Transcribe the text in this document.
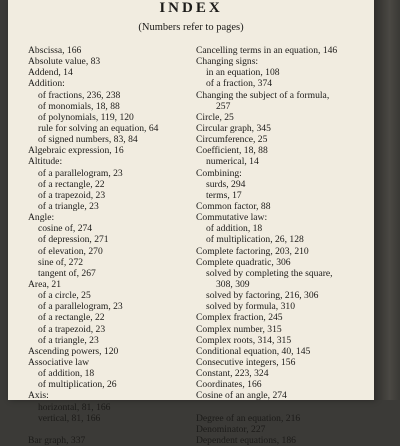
INDEX
(Numbers refer to pages)
Abscissa, 166
Absolute value, 83
Addend, 14
Addition:
of fractions, 236, 238
of monomials, 18, 88
of polynomials, 119, 120
rule for solving an equation, 64
of signed numbers, 83, 84
Algebraic expression, 16
Altitude:
of a parallelogram, 23
of a rectangle, 22
of a trapezoid, 23
of a triangle, 23
Angle:
cosine of, 274
of depression, 271
of elevation, 270
sine of, 272
tangent of, 267
Area, 21
of a circle, 25
of a parallelogram, 23
of a rectangle, 22
of a trapezoid, 23
of a triangle, 23
Ascending powers, 120
Associative law
of addition, 18
of multiplication, 26
Axis:
horizontal, 81, 166
vertical, 81, 166
Bar graph, 337
Cancelling terms in an equation, 146
Changing signs:
in an equation, 108
of a fraction, 374
Changing the subject of a formula,
257
Circle, 25
Circular graph, 345
Circumference, 25
Coefficient, 18, 88
numerical, 14
Combining:
surds, 294
terms, 17
Common factor, 88
Commutative law:
of addition, 18
of multiplication, 26, 128
Complete factoring, 203, 210
Complete quadratic, 306
solved by completing the square,
308, 309
solved by factoring, 216, 306
solved by formula, 310
Complex fraction, 245
Complex number, 315
Complex roots, 314, 315
Conditional equation, 40, 145
Consecutive integers, 156
Constant, 223, 324
Coordinates, 166
Cosine of an angle, 274
Degree of an equation, 216
Denominator, 227
Dependent equations, 186
